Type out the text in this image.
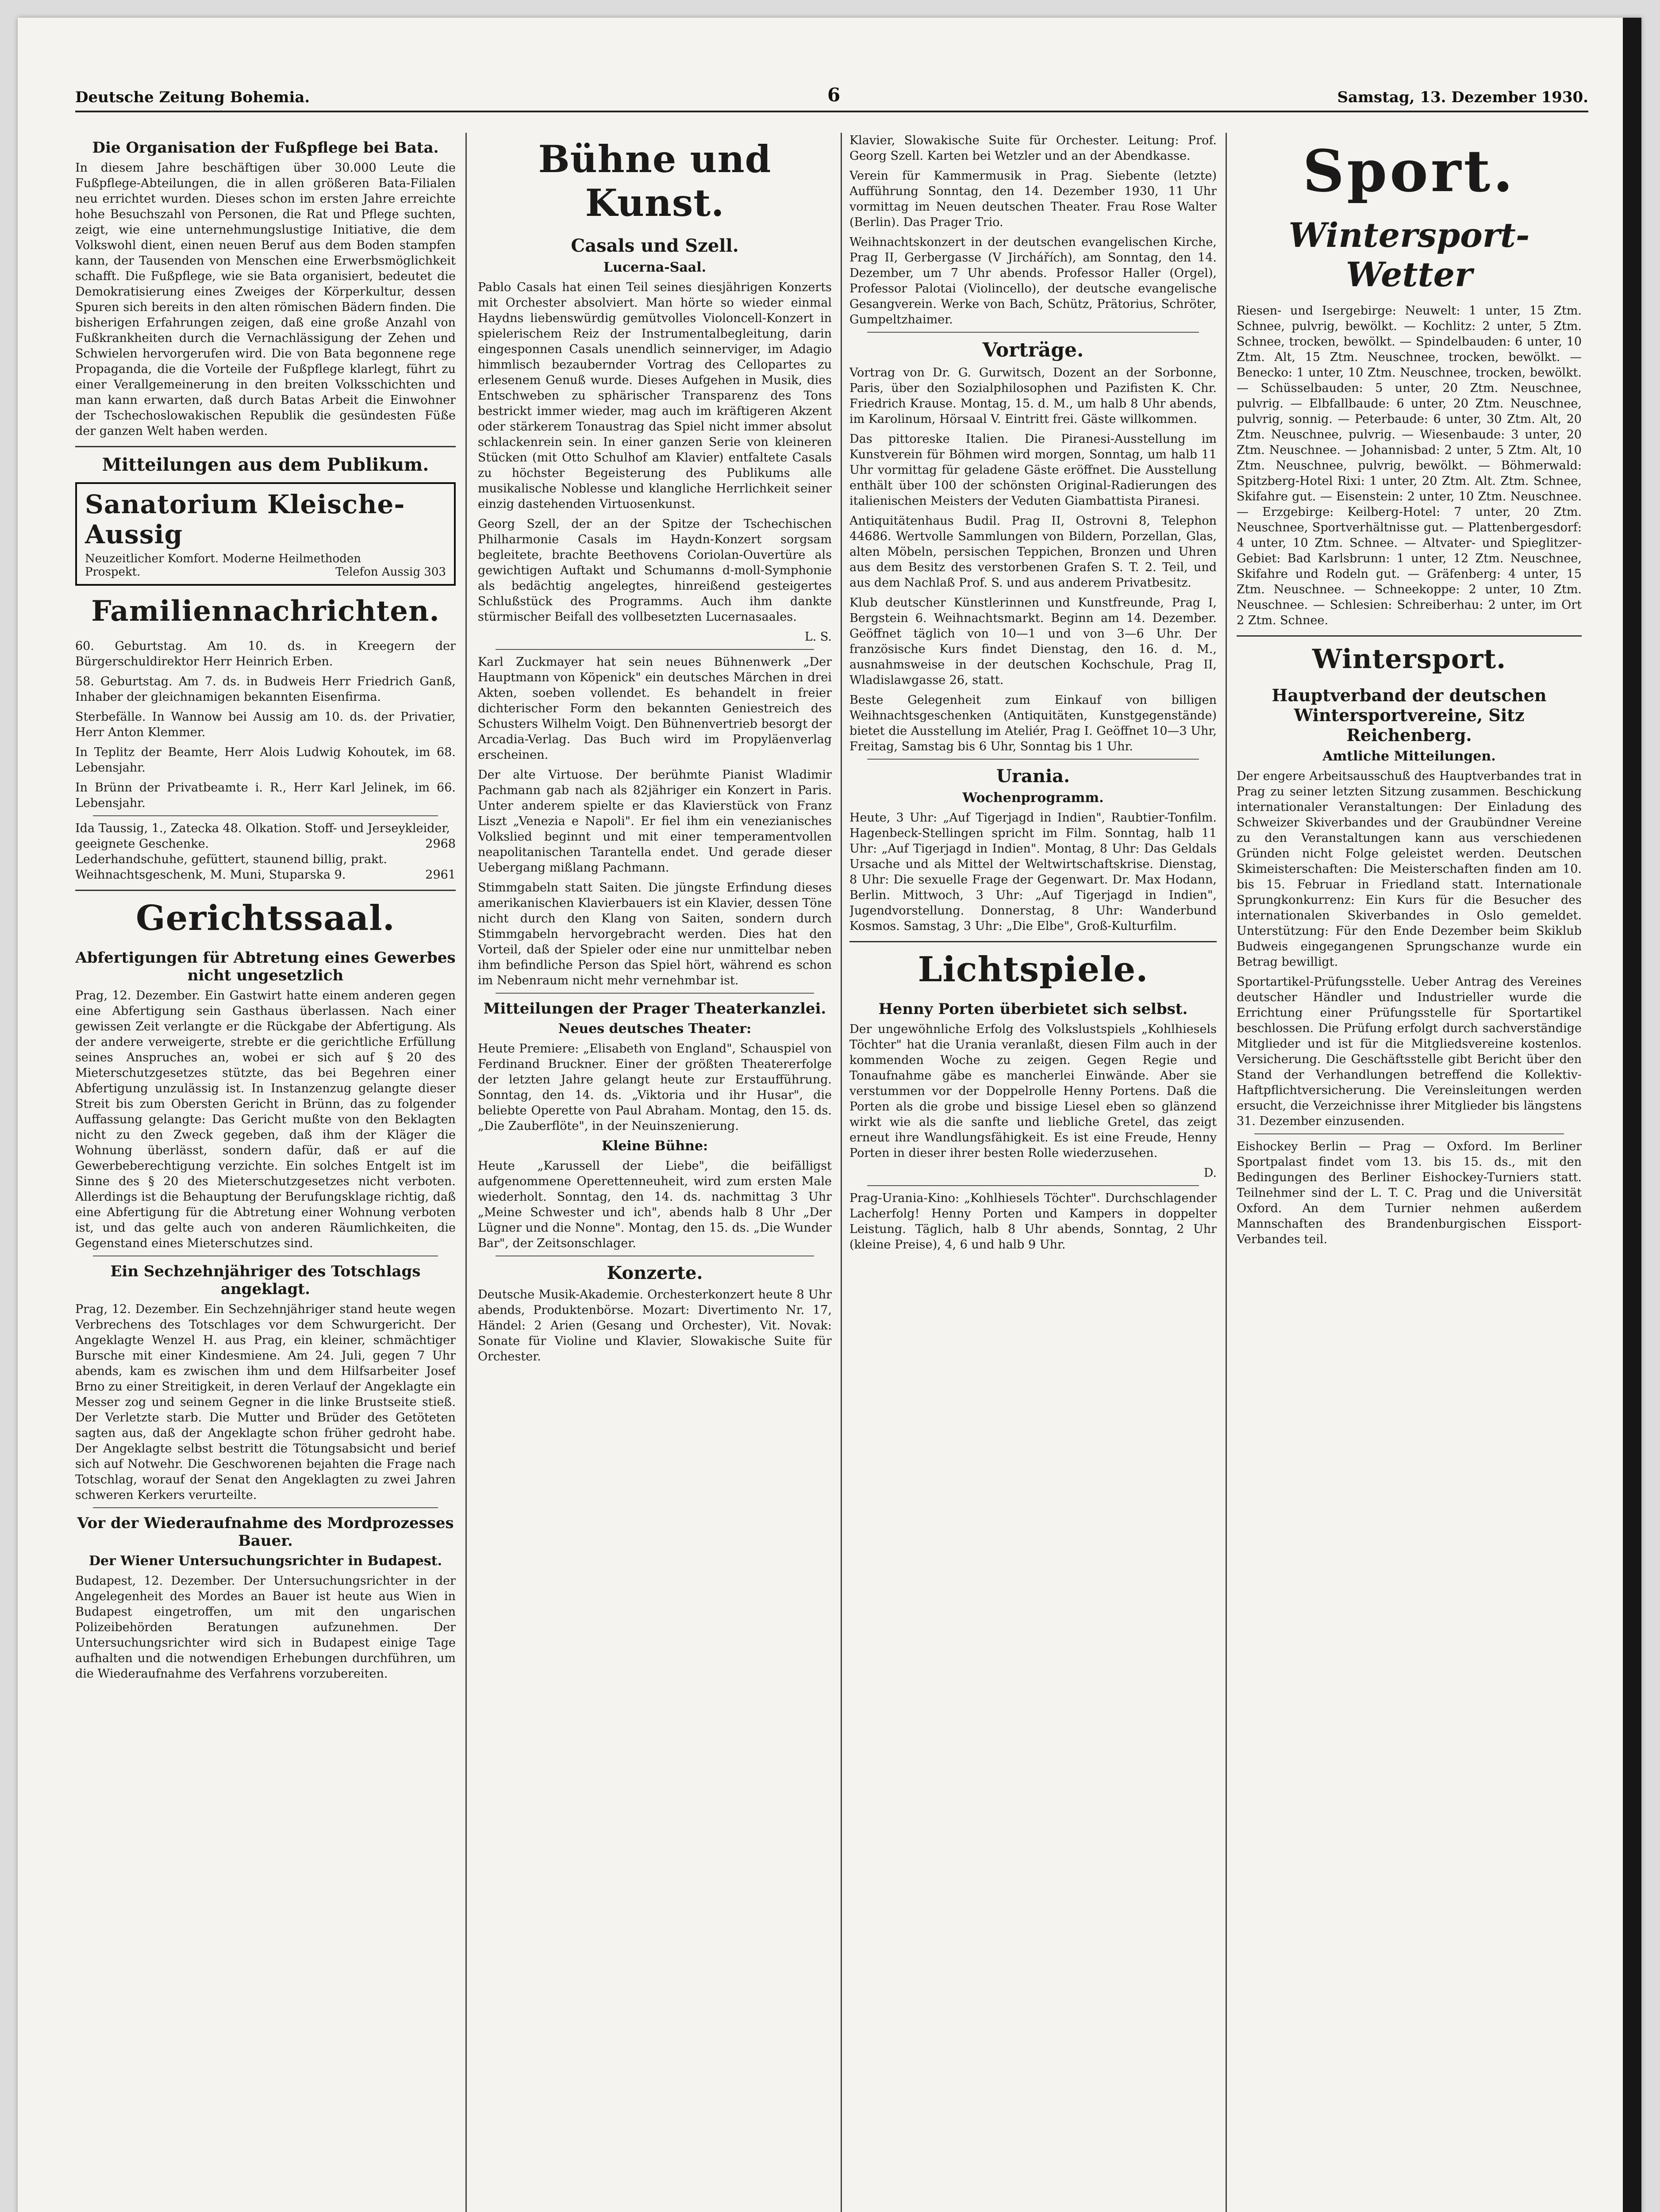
Deutsche Zeitung Bohemia.	6	Samstag, 13. Dezember 1930.
Die Organisation der Fußpflege bei Bata.

In diesem Jahre beschäftigen über 30.000 Leute die Fußpflege-Abteilungen, die in allen größeren Bata-Filialen neu errichtet wurden. Dieses schon im ersten Jahre erreichte hohe Besuchszahl von Personen, die Rat und Pflege suchten, zeigt, wie eine unternehmungslustige Initiative, die dem Volkswohl dient, einen neuen Beruf aus dem Boden stampfen kann, der Tausenden von Menschen eine Erwerbsmöglichkeit schafft. Die Fußpflege, wie sie Bata organisiert, bedeutet die Demokratisierung eines Zweiges der Körperkultur, dessen Spuren sich bereits in den alten römischen Bädern finden. Die bisherigen Erfahrungen zeigen, daß eine große Anzahl von Fußkrankheiten durch die Vernachlässigung der Zehen und Schwielen hervorgerufen wird. Die von Bata begonnene rege Propaganda, die die Vorteile der Fußpflege klarlegt, führt zu einer Verallgemeinerung in den breiten Volksschichten und man kann erwarten, daß durch Batas Arbeit die Einwohner der Tschechoslowakischen Republik die gesündesten Füße der ganzen Welt haben werden.

Mitteilungen aus dem Publikum.
Sanatorium Kleische-Aussig
Neuzeitlicher Komfort. Moderne Heilmethoden
Prospekt.	Telefon Aussig 303
Familiennachrichten.

60. Geburtstag. Am 10. ds. in Kreegern der Bürgerschuldirektor Herr Heinrich Erben.

58. Geburtstag. Am 7. ds. in Budweis Herr Friedrich Ganß, Inhaber der gleichnamigen bekannten Eisenfirma.

Sterbefälle. In Wannow bei Aussig am 10. ds. der Privatier, Herr Anton Klemmer.

In Teplitz der Beamte, Herr Alois Ludwig Kohoutek, im 68. Lebensjahr.

In Brünn der Privatbeamte i. R., Herr Karl Jelinek, im 66. Lebensjahr.

Ida Taussig, 1., Zatecka 48. Olkation. Stoff- und Jerseykleider, geeignete Geschenke.	2968
Lederhandschuhe, gefüttert, staunend billig, prakt. Weihnachtsgeschenk, M. Muni, Stuparska 9.	2961
Gerichtssaal.
Abfertigungen für Abtretung eines Gewerbes nicht ungesetzlich

Prag, 12. Dezember. Ein Gastwirt hatte einem anderen gegen eine Abfertigung sein Gasthaus überlassen. Nach einer gewissen Zeit verlangte er die Rückgabe der Abfertigung. Als der andere verweigerte, strebte er die gerichtliche Erfüllung seines Anspruches an, wobei er sich auf § 20 des Mieterschutzgesetzes stützte, das bei Begehren einer Abfertigung unzulässig ist. In Instanzenzug gelangte dieser Streit bis zum Obersten Gericht in Brünn, das zu folgender Auffassung gelangte: Das Gericht mußte von den Beklagten nicht zu den Zweck gegeben, daß ihm der Kläger die Wohnung überlässt, sondern dafür, daß er auf die Gewerbeberechtigung verzichte. Ein solches Entgelt ist im Sinne des § 20 des Mieterschutzgesetzes nicht verboten. Allerdings ist die Behauptung der Berufungsklage richtig, daß eine Abfertigung für die Abtretung einer Wohnung verboten ist, und das gelte auch von anderen Räumlichkeiten, die Gegenstand eines Mieterschutzes sind.

Ein Sechzehnjähriger des Totschlags angeklagt.

Prag, 12. Dezember. Ein Sechzehnjähriger stand heute wegen Verbrechens des Totschlages vor dem Schwurgericht. Der Angeklagte Wenzel H. aus Prag, ein kleiner, schmächtiger Bursche mit einer Kindesmiene. Am 24. Juli, gegen 7 Uhr abends, kam es zwischen ihm und dem Hilfsarbeiter Josef Brno zu einer Streitigkeit, in deren Verlauf der Angeklagte ein Messer zog und seinem Gegner in die linke Brustseite stieß. Der Verletzte starb. Die Mutter und Brüder des Getöteten sagten aus, daß der Angeklagte schon früher gedroht habe. Der Angeklagte selbst bestritt die Tötungsabsicht und berief sich auf Notwehr. Die Geschworenen bejahten die Frage nach Totschlag, worauf der Senat den Angeklagten zu zwei Jahren schweren Kerkers verurteilte.

Vor der Wiederaufnahme des Mordprozesses Bauer.
Der Wiener Untersuchungsrichter in Budapest.

Budapest, 12. Dezember. Der Untersuchungsrichter in der Angelegenheit des Mordes an Bauer ist heute aus Wien in Budapest eingetroffen, um mit den ungarischen Polizeibehörden Beratungen aufzunehmen. Der Untersuchungsrichter wird sich in Budapest einige Tage aufhalten und die notwendigen Erhebungen durchführen, um die Wiederaufnahme des Verfahrens vorzubereiten.

Bühne und Kunst.
Casals und Szell.
Lucerna-Saal.

Pablo Casals hat einen Teil seines diesjährigen Konzerts mit Orchester absolviert. Man hörte so wieder einmal Haydns liebenswürdig gemütvolles Violoncell-Konzert in spielerischem Reiz der Instrumentalbegleitung, darin eingesponnen Casals unendlich seinnerviger, im Adagio himmlisch bezaubernder Vortrag des Cellopartes zu erlesenem Genuß wurde. Dieses Aufgehen in Musik, dies Entschweben zu sphärischer Transparenz des Tons bestrickt immer wieder, mag auch im kräftigeren Akzent oder stärkerem Tonaustrag das Spiel nicht immer absolut schlackenrein sein. In einer ganzen Serie von kleineren Stücken (mit Otto Schulhof am Klavier) entfaltete Casals zu höchster Begeisterung des Publikums alle musikalische Noblesse und klangliche Herrlichkeit seiner einzig dastehenden Virtuosenkunst.

Georg Szell, der an der Spitze der Tschechischen Philharmonie Casals im Haydn-Konzert sorgsam begleitete, brachte Beethovens Coriolan-Ouvertüre als gewichtigen Auftakt und Schumanns d-moll-Symphonie als bedächtig angelegtes, hinreißend gesteigertes Schlußstück des Programms. Auch ihm dankte stürmischer Beifall des vollbesetzten Lucernasaales.

L. S.

Karl Zuckmayer hat sein neues Bühnenwerk „Der Hauptmann von Köpenick" ein deutsches Märchen in drei Akten, soeben vollendet. Es behandelt in freier dichterischer Form den bekannten Geniestreich des Schusters Wilhelm Voigt. Den Bühnenvertrieb besorgt der Arcadia-Verlag. Das Buch wird im Propyläenverlag erscheinen.

Der alte Virtuose. Der berühmte Pianist Wladimir Pachmann gab nach als 82jähriger ein Konzert in Paris. Unter anderem spielte er das Klavierstück von Franz Liszt „Venezia e Napoli". Er fiel ihm ein venezianisches Volkslied beginnt und mit einer temperamentvollen neapolitanischen Tarantella endet. Und gerade dieser Uebergang mißlang Pachmann.

Stimmgabeln statt Saiten. Die jüngste Erfindung dieses amerikanischen Klavierbauers ist ein Klavier, dessen Töne nicht durch den Klang von Saiten, sondern durch Stimmgabeln hervorgebracht werden. Dies hat den Vorteil, daß der Spieler oder eine nur unmittelbar neben ihm befindliche Person das Spiel hört, während es schon im Nebenraum nicht mehr vernehmbar ist.

Mitteilungen der Prager Theaterkanzlei.
Neues deutsches Theater:

Heute Premiere: „Elisabeth von England", Schauspiel von Ferdinand Bruckner. Einer der größten Theatererfolge der letzten Jahre gelangt heute zur Erstaufführung. Sonntag, den 14. ds. „Viktoria und ihr Husar", die beliebte Operette von Paul Abraham. Montag, den 15. ds. „Die Zauberflöte", in der Neuinszenierung.

Kleine Bühne:

Heute „Karussell der Liebe", die beifälligst aufgenommene Operettenneuheit, wird zum ersten Male wiederholt. Sonntag, den 14. ds. nachmittag 3 Uhr „Meine Schwester und ich", abends halb 8 Uhr „Der Lügner und die Nonne". Montag, den 15. ds. „Die Wunder Bar", der Zeitsonschlager.

Konzerte.

Deutsche Musik-Akademie. Orchesterkonzert heute 8 Uhr abends, Produktenbörse. Mozart: Divertimento Nr. 17, Händel: 2 Arien (Gesang und Orchester), Vit. Novak: Sonate für Violine und Klavier, Slowakische Suite für Orchester.

Klavier, Slowakische Suite für Orchester. Leitung: Prof. Georg Szell. Karten bei Wetzler und an der Abendkasse.

Verein für Kammermusik in Prag. Siebente (letzte) Aufführung Sonntag, den 14. Dezember 1930, 11 Uhr vormittag im Neuen deutschen Theater. Frau Rose Walter (Berlin). Das Prager Trio.

Weihnachtskonzert in der deutschen evangelischen Kirche, Prag II, Gerbergasse (V Jirchářích), am Sonntag, den 14. Dezember, um 7 Uhr abends. Professor Haller (Orgel), Professor Palotai (Violincello), der deutsche evangelische Gesangverein. Werke von Bach, Schütz, Prätorius, Schröter, Gumpeltzhaimer.

Vorträge.

Vortrag von Dr. G. Gurwitsch, Dozent an der Sorbonne, Paris, über den Sozialphilosophen und Pazifisten K. Chr. Friedrich Krause. Montag, 15. d. M., um halb 8 Uhr abends, im Karolinum, Hörsaal V. Eintritt frei. Gäste willkommen.

Das pittoreske Italien. Die Piranesi-Ausstellung im Kunstverein für Böhmen wird morgen, Sonntag, um halb 11 Uhr vormittag für geladene Gäste eröffnet. Die Ausstellung enthält über 100 der schönsten Original-Radierungen des italienischen Meisters der Veduten Giambattista Piranesi.

Antiquitätenhaus Budil. Prag II, Ostrovni 8, Telephon 44686. Wertvolle Sammlungen von Bildern, Porzellan, Glas, alten Möbeln, persischen Teppichen, Bronzen und Uhren aus dem Besitz des verstorbenen Grafen S. T. 2. Teil, und aus dem Nachlaß Prof. S. und aus anderem Privatbesitz.

Klub deutscher Künstlerinnen und Kunstfreunde, Prag I, Bergstein 6. Weihnachtsmarkt. Beginn am 14. Dezember. Geöffnet täglich von 10—1 und von 3—6 Uhr. Der französische Kurs findet Dienstag, den 16. d. M., ausnahmsweise in der deutschen Kochschule, Prag II, Wladislawgasse 26, statt.

Beste Gelegenheit zum Einkauf von billigen Weihnachtsgeschenken (Antiquitäten, Kunstgegenstände) bietet die Ausstellung im Ateliér, Prag I. Geöffnet 10—3 Uhr, Freitag, Samstag bis 6 Uhr, Sonntag bis 1 Uhr.

Urania.
Wochenprogramm.

Heute, 3 Uhr: „Auf Tigerjagd in Indien", Raubtier-Tonfilm. Hagenbeck-Stellingen spricht im Film. Sonntag, halb 11 Uhr: „Auf Tigerjagd in Indien". Montag, 8 Uhr: Das Geldals Ursache und als Mittel der Weltwirtschaftskrise. Dienstag, 8 Uhr: Die sexuelle Frage der Gegenwart. Dr. Max Hodann, Berlin. Mittwoch, 3 Uhr: „Auf Tigerjagd in Indien", Jugendvorstellung. Donnerstag, 8 Uhr: Wanderbund Kosmos. Samstag, 3 Uhr: „Die Elbe", Groß-Kulturfilm.

Lichtspiele.
Henny Porten überbietet sich selbst.

Der ungewöhnliche Erfolg des Volkslustspiels „Kohlhiesels Töchter" hat die Urania veranlaßt, diesen Film auch in der kommenden Woche zu zeigen. Gegen Regie und Tonaufnahme gäbe es mancherlei Einwände. Aber sie verstummen vor der Doppelrolle Henny Portens. Daß die Porten als die grobe und bissige Liesel eben so glänzend wirkt wie als die sanfte und liebliche Gretel, das zeigt erneut ihre Wandlungsfähigkeit. Es ist eine Freude, Henny Porten in dieser ihrer besten Rolle wiederzusehen.

D.

Prag-Urania-Kino: „Kohlhiesels Töchter". Durchschlagender Lacherfolg! Henny Porten und Kampers in doppelter Leistung. Täglich, halb 8 Uhr abends, Sonntag, 2 Uhr (kleine Preise), 4, 6 und halb 9 Uhr.

Sport.
Wintersport-Wetter

Riesen- und Isergebirge: Neuwelt: 1 unter, 15 Ztm. Schnee, pulvrig, bewölkt. — Kochlitz: 2 unter, 5 Ztm. Schnee, trocken, bewölkt. — Spindelbauden: 6 unter, 10 Ztm. Alt, 15 Ztm. Neuschnee, trocken, bewölkt. — Benecko: 1 unter, 10 Ztm. Neuschnee, trocken, bewölkt. — Schüsselbauden: 5 unter, 20 Ztm. Neuschnee, pulvrig. — Elbfallbaude: 6 unter, 20 Ztm. Neuschnee, pulvrig, sonnig. — Peterbaude: 6 unter, 30 Ztm. Alt, 20 Ztm. Neuschnee, pulvrig. — Wiesenbaude: 3 unter, 20 Ztm. Neuschnee. — Johannisbad: 2 unter, 5 Ztm. Alt, 10 Ztm. Neuschnee, pulvrig, bewölkt. — Böhmerwald: Spitzberg-Hotel Rixi: 1 unter, 20 Ztm. Alt. Ztm. Schnee, Skifahre gut. — Eisenstein: 2 unter, 10 Ztm. Neuschnee. — Erzgebirge: Keilberg-Hotel: 7 unter, 20 Ztm. Neuschnee, Sportverhältnisse gut. — Plattenbergesdorf: 4 unter, 10 Ztm. Schnee. — Altvater- und Spieglitzer-Gebiet: Bad Karlsbrunn: 1 unter, 12 Ztm. Neuschnee, Skifahre und Rodeln gut. — Gräfenberg: 4 unter, 15 Ztm. Neuschnee. — Schneekoppe: 2 unter, 10 Ztm. Neuschnee. — Schlesien: Schreiberhau: 2 unter, im Ort 2 Ztm. Schnee.

Wintersport.
Hauptverband der deutschen Wintersportvereine, Sitz Reichenberg.
Amtliche Mitteilungen.

Der engere Arbeitsausschuß des Hauptverbandes trat in Prag zu seiner letzten Sitzung zusammen. Beschickung internationaler Veranstaltungen: Der Einladung des Schweizer Skiverbandes und der Graubündner Vereine zu den Veranstaltungen kann aus verschiedenen Gründen nicht Folge geleistet werden. Deutschen Skimeisterschaften: Die Meisterschaften finden am 10. bis 15. Februar in Friedland statt. Internationale Sprungkonkurrenz: Ein Kurs für die Besucher des internationalen Skiverbandes in Oslo gemeldet. Unterstützung: Für den Ende Dezember beim Skiklub Budweis eingegangenen Sprungschanze wurde ein Betrag bewilligt.

Sportartikel-Prüfungsstelle. Ueber Antrag des Vereines deutscher Händler und Industrieller wurde die Errichtung einer Prüfungsstelle für Sportartikel beschlossen. Die Prüfung erfolgt durch sachverständige Mitglieder und ist für die Mitgliedsvereine kostenlos. Versicherung. Die Geschäftsstelle gibt Bericht über den Stand der Verhandlungen betreffend die Kollektiv-Haftpflichtversicherung. Die Vereinsleitungen werden ersucht, die Verzeichnisse ihrer Mitglieder bis längstens 31. Dezember einzusenden.

Eishockey Berlin — Prag — Oxford. Im Berliner Sportpalast findet vom 13. bis 15. ds., mit den Bedingungen des Berliner Eishockey-Turniers statt. Teilnehmer sind der L. T. C. Prag und die Universität Oxford. An dem Turnier nehmen außerdem Mannschaften des Brandenburgischen Eissport-Verbandes teil.
